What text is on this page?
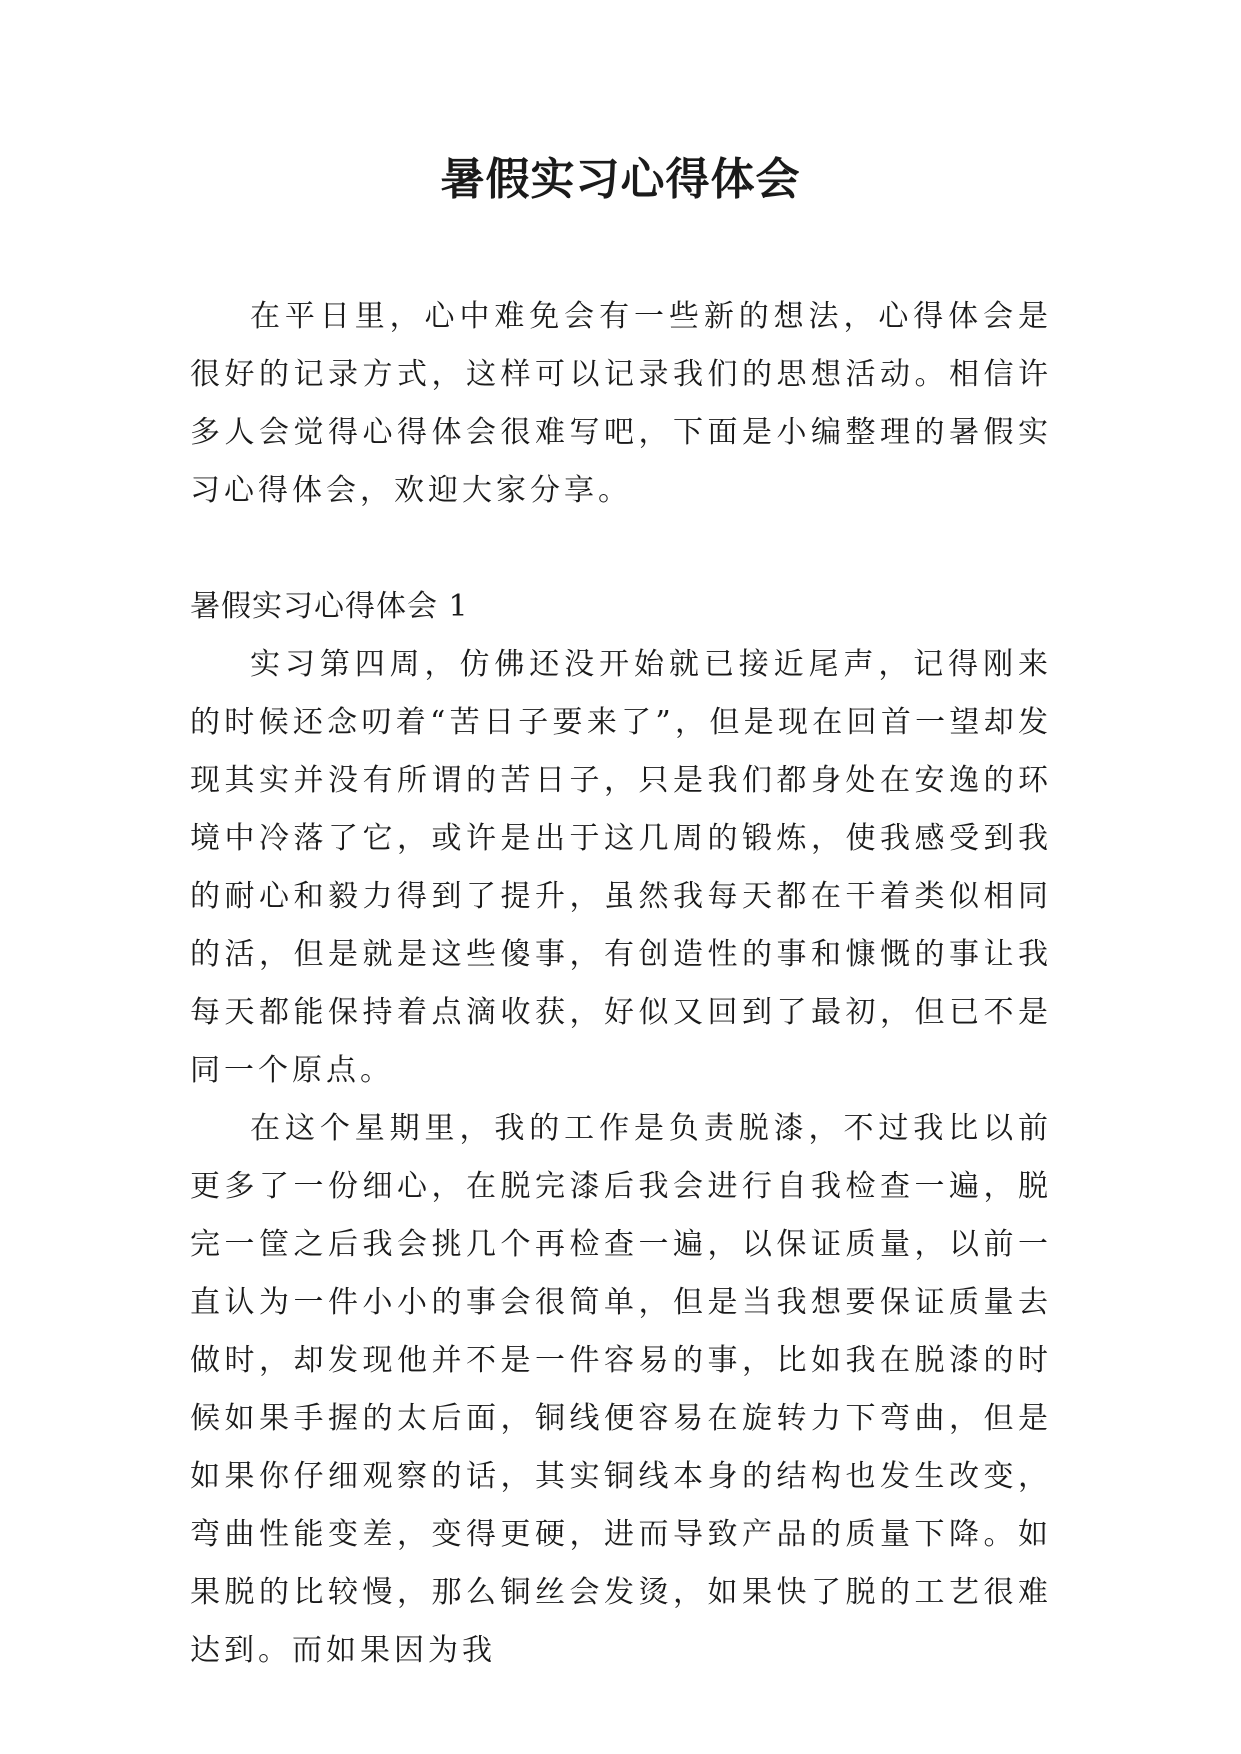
暑假实习心得体会

在平日里，心中难免会有一些新的想法，心得体会是很好的记录方式，这样可以记录我们的思想活动。相信许多人会觉得心得体会很难写吧，下面是小编整理的暑假实习心得体会，欢迎大家分享。

暑假实习心得体会 1

实习第四周，仿佛还没开始就已接近尾声，记得刚来的时候还念叨着“苦日子要来了”，但是现在回首一望却发现其实并没有所谓的苦日子，只是我们都身处在安逸的环境中冷落了它，或许是出于这几周的锻炼，使我感受到我的耐心和毅力得到了提升，虽然我每天都在干着类似相同的活，但是就是这些傻事，有创造性的事和慷慨的事让我每天都能保持着点滴收获，好似又回到了最初，但已不是同一个原点。

在这个星期里，我的工作是负责脱漆，不过我比以前更多了一份细心，在脱完漆后我会进行自我检查一遍，脱完一筐之后我会挑几个再检查一遍，以保证质量，以前一直认为一件小小的事会很简单，但是当我想要保证质量去做时，却发现他并不是一件容易的事，比如我在脱漆的时候如果手握的太后面，铜线便容易在旋转力下弯曲，但是如果你仔细观察的话，其实铜线本身的结构也发生改变，弯曲性能变差，变得更硬，进而导致产品的质量下降。如果脱的比较慢，那么铜丝会发烫，如果快了脱的工艺很难达到。而如果因为我
